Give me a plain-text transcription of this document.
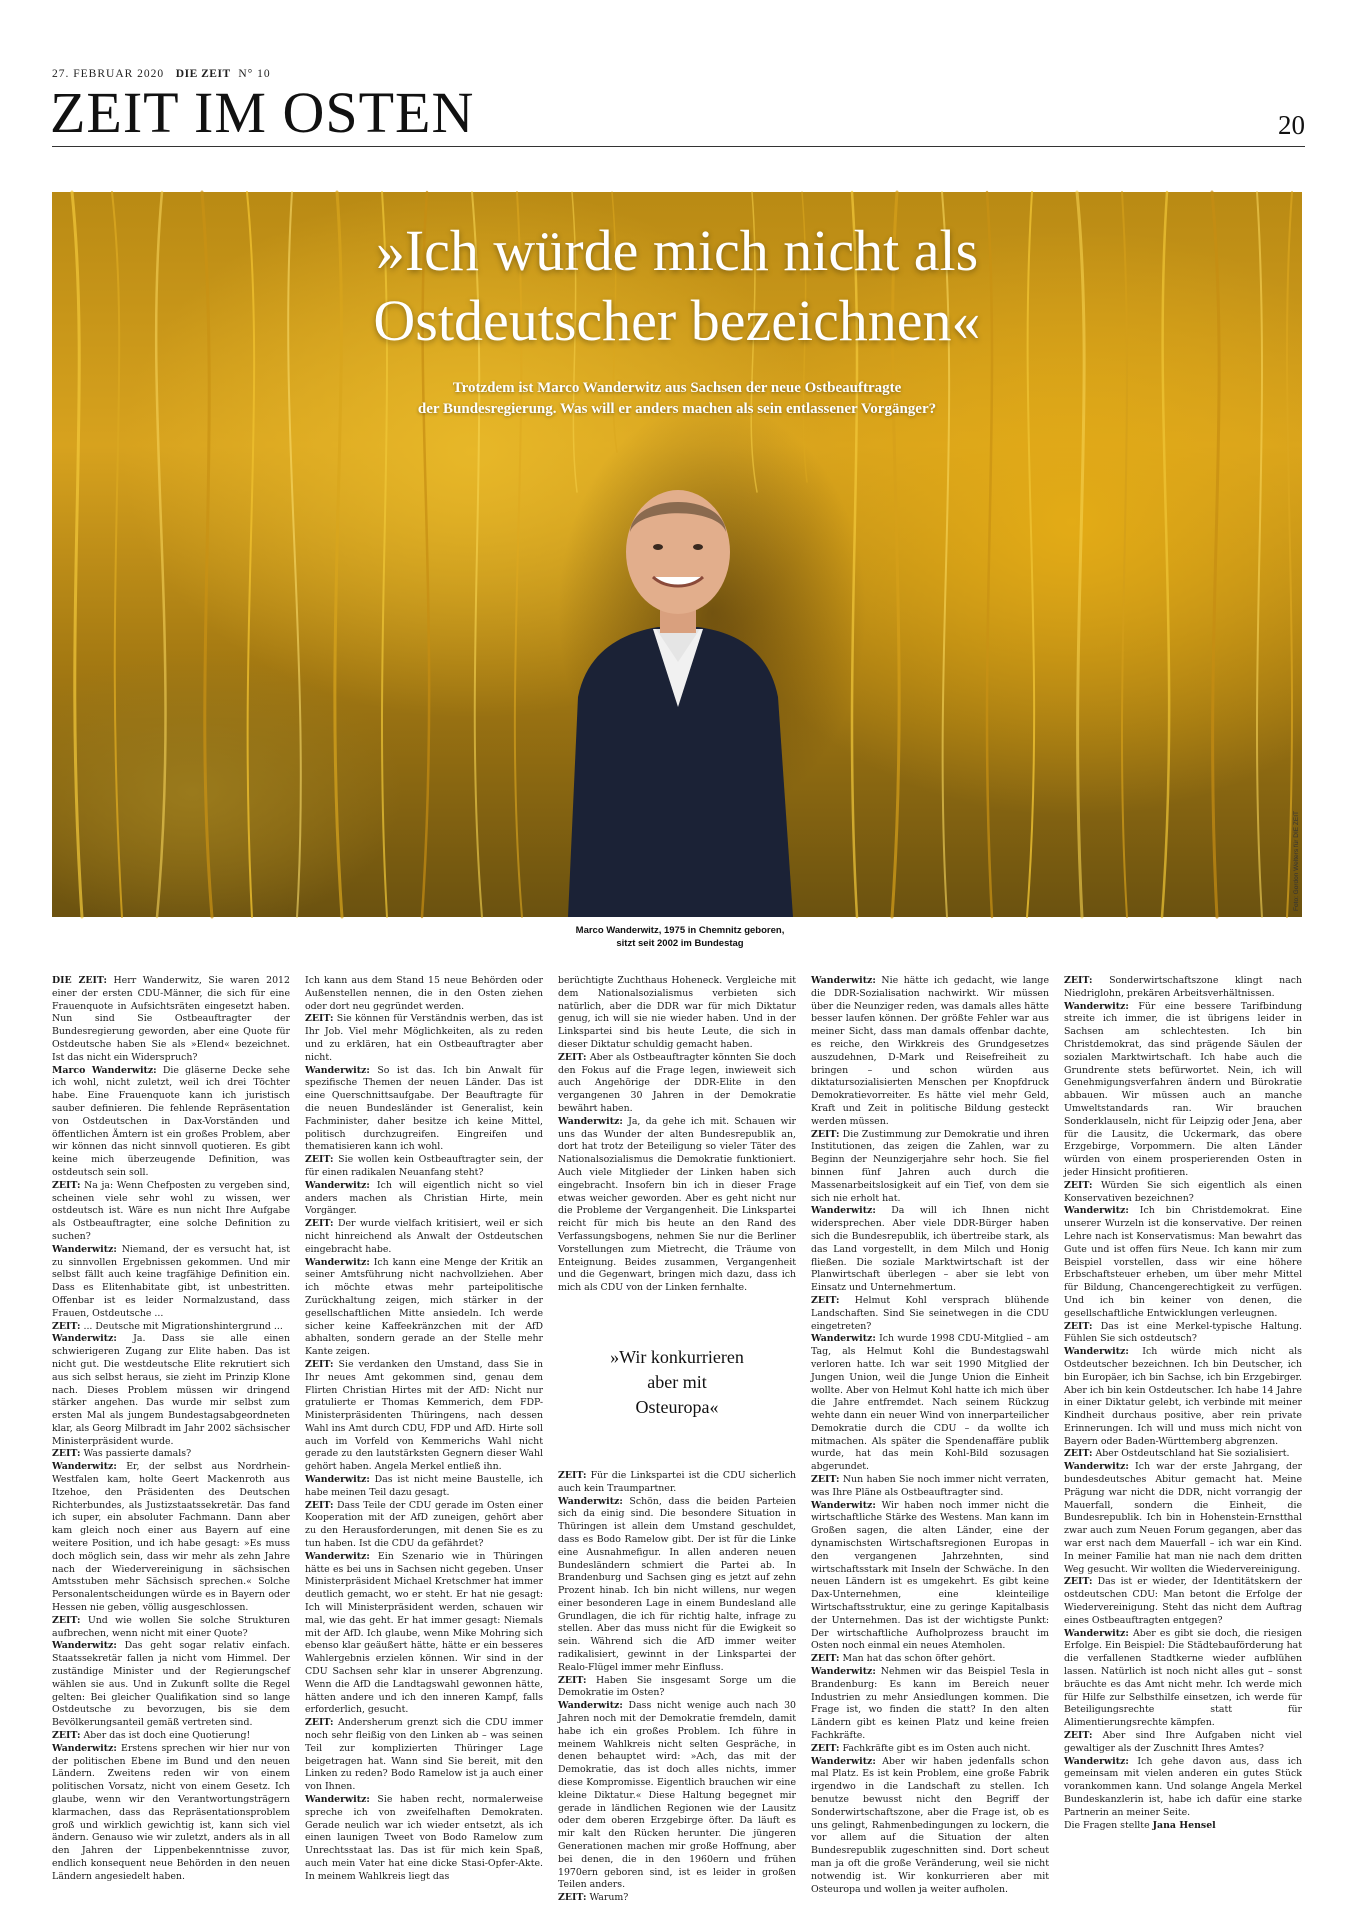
27. FEBRUAR 2020 DIE ZEIT N° 10
ZEIT IM OSTEN	20
»Ich würde mich nicht als
Ostdeutscher bezeichnen«
Trotzdem ist Marco Wanderwitz aus Sachsen der neue Ostbeauftragte
der Bundesregierung. Was will er anders machen als sein entlassener Vorgänger?
Foto: Gordon Welters für DIE ZEIT
Marco Wanderwitz, 1975 in Chemnitz geboren,
sitzt seit 2002 im Bundestag

DIE ZEIT: Herr Wanderwitz, Sie waren 2012 einer der ersten CDU-Männer, die sich für eine Frauenquote in Aufsichtsräten eingesetzt haben. Nun sind Sie Ostbeauftragter der Bundesregierung geworden, aber eine Quote für Ostdeutsche haben Sie als »Elend« bezeichnet. Ist das nicht ein Widerspruch?

Marco Wanderwitz: Die gläserne Decke sehe ich wohl, nicht zuletzt, weil ich drei Töchter habe. Eine Frauenquote kann ich juristisch sauber definieren. Die fehlende Repräsentation von Ostdeutschen in Dax-Vorständen und öffentlichen Ämtern ist ein großes Problem, aber wir können das nicht sinnvoll quotieren. Es gibt keine mich überzeugende Definition, was ostdeutsch sein soll.

ZEIT: Na ja: Wenn Chefposten zu vergeben sind, scheinen viele sehr wohl zu wissen, wer ostdeutsch ist. Wäre es nun nicht Ihre Aufgabe als Ostbeauftragter, eine solche Definition zu suchen?

Wanderwitz: Niemand, der es versucht hat, ist zu sinnvollen Ergebnissen gekommen. Und mir selbst fällt auch keine tragfähige Definition ein. Dass es Elitenhabitate gibt, ist unbestritten. Offenbar ist es leider Normalzustand, dass Frauen, Ostdeutsche ...

ZEIT: ... Deutsche mit Migrationshintergrund ...

Wanderwitz: Ja. Dass sie alle einen schwierigeren Zugang zur Elite haben. Das ist nicht gut. Die westdeutsche Elite rekrutiert sich aus sich selbst heraus, sie zieht im Prinzip Klone nach. Dieses Problem müssen wir dringend stärker angehen. Das wurde mir selbst zum ersten Mal als jungem Bundestagsabgeordneten klar, als Georg Milbradt im Jahr 2002 sächsischer Ministerpräsident wurde.

ZEIT: Was passierte damals?

Wanderwitz: Er, der selbst aus Nordrhein-Westfalen kam, holte Geert Mackenroth aus Itzehoe, den Präsidenten des Deutschen Richterbundes, als Justizstaatssekretär. Das fand ich super, ein absoluter Fachmann. Dann aber kam gleich noch einer aus Bayern auf eine weitere Position, und ich habe gesagt: »Es muss doch möglich sein, dass wir mehr als zehn Jahre nach der Wiedervereinigung in sächsischen Amtsstuben mehr Sächsisch sprechen.« Solche Personalentscheidungen würde es in Bayern oder Hessen nie geben, völlig ausgeschlossen.

ZEIT: Und wie wollen Sie solche Strukturen aufbrechen, wenn nicht mit einer Quote?

Wanderwitz: Das geht sogar relativ einfach. Staatssekretär fallen ja nicht vom Himmel. Der zuständige Minister und der Regierungschef wählen sie aus. Und in Zukunft sollte die Regel gelten: Bei gleicher Qualifikation sind so lange Ostdeutsche zu bevorzugen, bis sie dem Bevölkerungsanteil gemäß vertreten sind.

ZEIT: Aber das ist doch eine Quotierung!

Wanderwitz: Erstens sprechen wir hier nur von der politischen Ebene im Bund und den neuen Ländern. Zweitens reden wir von einem politischen Vorsatz, nicht von einem Gesetz. Ich glaube, wenn wir den Verantwortungsträgern klarmachen, dass das Repräsentationsproblem groß und wirklich gewichtig ist, kann sich viel ändern. Genauso wie wir zuletzt, anders als in all den Jahren der Lippenbekenntnisse zuvor, endlich konsequent neue Behörden in den neuen Ländern angesiedelt haben.

Ich kann aus dem Stand 15 neue Behörden oder Außenstellen nennen, die in den Osten ziehen oder dort neu gegründet werden.

ZEIT: Sie können für Verständnis werben, das ist Ihr Job. Viel mehr Möglichkeiten, als zu reden und zu erklären, hat ein Ostbeauftragter aber nicht.

Wanderwitz: So ist das. Ich bin Anwalt für spezifische Themen der neuen Länder. Das ist eine Querschnittsaufgabe. Der Beauftragte für die neuen Bundesländer ist Generalist, kein Fachminister, daher besitze ich keine Mittel, politisch durchzugreifen. Eingreifen und thematisieren kann ich wohl.

ZEIT: Sie wollen kein Ostbeauftragter sein, der für einen radikalen Neuanfang steht?

Wanderwitz: Ich will eigentlich nicht so viel anders machen als Christian Hirte, mein Vorgänger.

ZEIT: Der wurde vielfach kritisiert, weil er sich nicht hinreichend als Anwalt der Ostdeutschen eingebracht habe.

Wanderwitz: Ich kann eine Menge der Kritik an seiner Amtsführung nicht nachvollziehen. Aber ich möchte etwas mehr parteipolitische Zurückhaltung zeigen, mich stärker in der gesellschaftlichen Mitte ansiedeln. Ich werde sicher keine Kaffeekränzchen mit der AfD abhalten, sondern gerade an der Stelle mehr Kante zeigen.

ZEIT: Sie verdanken den Umstand, dass Sie in Ihr neues Amt gekommen sind, genau dem Flirten Christian Hirtes mit der AfD: Nicht nur gratulierte er Thomas Kemmerich, dem FDP-Ministerpräsidenten Thüringens, nach dessen Wahl ins Amt durch CDU, FDP und AfD. Hirte soll auch im Vorfeld von Kemmerichs Wahl nicht gerade zu den lautstärksten Gegnern dieser Wahl gehört haben. Angela Merkel entließ ihn.

Wanderwitz: Das ist nicht meine Baustelle, ich habe meinen Teil dazu gesagt.

ZEIT: Dass Teile der CDU gerade im Osten einer Kooperation mit der AfD zuneigen, gehört aber zu den Herausforderungen, mit denen Sie es zu tun haben. Ist die CDU da gefährdet?

Wanderwitz: Ein Szenario wie in Thüringen hätte es bei uns in Sachsen nicht gegeben. Unser Ministerpräsident Michael Kretschmer hat immer deutlich gemacht, wo er steht. Er hat nie gesagt: Ich will Ministerpräsident werden, schauen wir mal, wie das geht. Er hat immer gesagt: Niemals mit der AfD. Ich glaube, wenn Mike Mohring sich ebenso klar geäußert hätte, hätte er ein besseres Wahlergebnis erzielen können. Wir sind in der CDU Sachsen sehr klar in unserer Abgrenzung. Wenn die AfD die Landtagswahl gewonnen hätte, hätten andere und ich den inneren Kampf, falls erforderlich, gesucht.

ZEIT: Andersherum grenzt sich die CDU immer noch sehr fleißig von den Linken ab – was seinen Teil zur komplizierten Thüringer Lage beigetragen hat. Wann sind Sie bereit, mit den Linken zu reden? Bodo Ramelow ist ja auch einer von Ihnen.

Wanderwitz: Sie haben recht, normalerweise spreche ich von zweifelhaften Demokraten. Gerade neulich war ich wieder entsetzt, als ich einen launigen Tweet von Bodo Ramelow zum Unrechtsstaat las. Das ist für mich kein Spaß, auch mein Vater hat eine dicke Stasi-Opfer-Akte. In meinem Wahlkreis liegt das

berüchtigte Zuchthaus Hoheneck. Vergleiche mit dem Nationalsozialismus verbieten sich natürlich, aber die DDR war für mich Diktatur genug, ich will sie nie wieder haben. Und in der Linkspartei sind bis heute Leute, die sich in dieser Diktatur schuldig gemacht haben.

ZEIT: Aber als Ostbeauftragter könnten Sie doch den Fokus auf die Frage legen, inwieweit sich auch Angehörige der DDR-Elite in den vergangenen 30 Jahren in der Demokratie bewährt haben.

Wanderwitz: Ja, da gehe ich mit. Schauen wir uns das Wunder der alten Bundesrepublik an, dort hat trotz der Beteiligung so vieler Täter des Nationalsozialismus die Demokratie funktioniert. Auch viele Mitglieder der Linken haben sich eingebracht. Insofern bin ich in dieser Frage etwas weicher geworden. Aber es geht nicht nur die Probleme der Vergangenheit. Die Linkspartei reicht für mich bis heute an den Rand des Verfassungsbogens, nehmen Sie nur die Berliner Vorstellungen zum Mietrecht, die Träume von Enteignung. Beides zusammen, Vergangenheit und die Gegenwart, bringen mich dazu, dass ich mich als CDU von der Linken fernhalte.

»Wir konkurrieren
aber mit
Osteuropa«

ZEIT: Für die Linkspartei ist die CDU sicherlich auch kein Traumpartner.

Wanderwitz: Schön, dass die beiden Parteien sich da einig sind. Die besondere Situation in Thüringen ist allein dem Umstand geschuldet, dass es Bodo Ramelow gibt. Der ist für die Linke eine Ausnahmefigur. In allen anderen neuen Bundesländern schmiert die Partei ab. In Brandenburg und Sachsen ging es jetzt auf zehn Prozent hinab. Ich bin nicht willens, nur wegen einer besonderen Lage in einem Bundesland alle Grundlagen, die ich für richtig halte, infrage zu stellen. Aber das muss nicht für die Ewigkeit so sein. Während sich die AfD immer weiter radikalisiert, gewinnt in der Linkspartei der Realo-Flügel immer mehr Einfluss.

ZEIT: Haben Sie insgesamt Sorge um die Demokratie im Osten?

Wanderwitz: Dass nicht wenige auch nach 30 Jahren noch mit der Demokratie fremdeln, damit habe ich ein großes Problem. Ich führe in meinem Wahlkreis nicht selten Gespräche, in denen behauptet wird: »Ach, das mit der Demokratie, das ist doch alles nichts, immer diese Kompromisse. Eigentlich brauchen wir eine kleine Diktatur.« Diese Haltung begegnet mir gerade in ländlichen Regionen wie der Lausitz oder dem oberen Erzgebirge öfter. Da läuft es mir kalt den Rücken herunter. Die jüngeren Generationen machen mir große Hoffnung, aber bei denen, die in den 1960ern und frühen 1970ern geboren sind, ist es leider in großen Teilen anders.

ZEIT: Warum?

Wanderwitz: Nie hätte ich gedacht, wie lange die DDR-Sozialisation nachwirkt. Wir müssen über die Neunziger reden, was damals alles hätte besser laufen können. Der größte Fehler war aus meiner Sicht, dass man damals offenbar dachte, es reiche, den Wirkkreis des Grundgesetzes auszudehnen, D-Mark und Reisefreiheit zu bringen – und schon würden aus diktatursozialisierten Menschen per Knopfdruck Demokratievorreiter. Es hätte viel mehr Geld, Kraft und Zeit in politische Bildung gesteckt werden müssen.

ZEIT: Die Zustimmung zur Demokratie und ihren Institutionen, das zeigen die Zahlen, war zu Beginn der Neunzigerjahre sehr hoch. Sie fiel binnen fünf Jahren auch durch die Massenarbeitslosigkeit auf ein Tief, von dem sie sich nie erholt hat.

Wanderwitz: Da will ich Ihnen nicht widersprechen. Aber viele DDR-Bürger haben sich die Bundesrepublik, ich übertreibe stark, als das Land vorgestellt, in dem Milch und Honig fließen. Die soziale Marktwirtschaft ist der Planwirtschaft überlegen – aber sie lebt von Einsatz und Unternehmertum.

ZEIT: Helmut Kohl versprach blühende Landschaften. Sind Sie seinetwegen in die CDU eingetreten?

Wanderwitz: Ich wurde 1998 CDU-Mitglied – am Tag, als Helmut Kohl die Bundestagswahl verloren hatte. Ich war seit 1990 Mitglied der Jungen Union, weil die Junge Union die Einheit wollte. Aber von Helmut Kohl hatte ich mich über die Jahre entfremdet. Nach seinem Rückzug wehte dann ein neuer Wind von innerparteilicher Demokratie durch die CDU – da wollte ich mitmachen. Als später die Spendenaffäre publik wurde, hat das mein Kohl-Bild sozusagen abgerundet.

ZEIT: Nun haben Sie noch immer nicht verraten, was Ihre Pläne als Ostbeauftragter sind.

Wanderwitz: Wir haben noch immer nicht die wirtschaftliche Stärke des Westens. Man kann im Großen sagen, die alten Länder, eine der dynamischsten Wirtschaftsregionen Europas in den vergangenen Jahrzehnten, sind wirtschaftsstark mit Inseln der Schwäche. In den neuen Ländern ist es umgekehrt. Es gibt keine Dax-Unternehmen, eine kleinteilige Wirtschaftsstruktur, eine zu geringe Kapitalbasis der Unternehmen. Das ist der wichtigste Punkt: Der wirtschaftliche Aufholprozess braucht im Osten noch einmal ein neues Atemholen.

ZEIT: Man hat das schon öfter gehört.

Wanderwitz: Nehmen wir das Beispiel Tesla in Brandenburg: Es kann im Bereich neuer Industrien zu mehr Ansiedlungen kommen. Die Frage ist, wo finden die statt? In den alten Ländern gibt es keinen Platz und keine freien Fachkräfte.

ZEIT: Fachkräfte gibt es im Osten auch nicht.

Wanderwitz: Aber wir haben jedenfalls schon mal Platz. Es ist kein Problem, eine große Fabrik irgendwo in die Landschaft zu stellen. Ich benutze bewusst nicht den Begriff der Sonderwirtschaftszone, aber die Frage ist, ob es uns gelingt, Rahmenbedingungen zu lockern, die vor allem auf die Situation der alten Bundesrepublik zugeschnitten sind. Dort scheut man ja oft die große Veränderung, weil sie nicht notwendig ist. Wir konkurrieren aber mit Osteuropa und wollen ja weiter aufholen.

ZEIT: Sonderwirtschaftszone klingt nach Niedriglohn, prekären Arbeitsverhältnissen.

Wanderwitz: Für eine bessere Tarifbindung streite ich immer, die ist übrigens leider in Sachsen am schlechtesten. Ich bin Christdemokrat, das sind prägende Säulen der sozialen Marktwirtschaft. Ich habe auch die Grundrente stets befürwortet. Nein, ich will Genehmigungsverfahren ändern und Bürokratie abbauen. Wir müssen auch an manche Umweltstandards ran. Wir brauchen Sonderklauseln, nicht für Leipzig oder Jena, aber für die Lausitz, die Uckermark, das obere Erzgebirge, Vorpommern. Die alten Länder würden von einem prosperierenden Osten in jeder Hinsicht profitieren.

ZEIT: Würden Sie sich eigentlich als einen Konservativen bezeichnen?

Wanderwitz: Ich bin Christdemokrat. Eine unserer Wurzeln ist die konservative. Der reinen Lehre nach ist Konservatismus: Man bewahrt das Gute und ist offen fürs Neue. Ich kann mir zum Beispiel vorstellen, dass wir eine höhere Erbschaftsteuer erheben, um über mehr Mittel für Bildung, Chancengerechtigkeit zu verfügen. Und ich bin keiner von denen, die gesellschaftliche Entwicklungen verleugnen.

ZEIT: Das ist eine Merkel-typische Haltung. Fühlen Sie sich ostdeutsch?

Wanderwitz: Ich würde mich nicht als Ostdeutscher bezeichnen. Ich bin Deutscher, ich bin Europäer, ich bin Sachse, ich bin Erzgebirger. Aber ich bin kein Ostdeutscher. Ich habe 14 Jahre in einer Diktatur gelebt, ich verbinde mit meiner Kindheit durchaus positive, aber rein private Erinnerungen. Ich will und muss mich nicht von Bayern oder Baden-Württemberg abgrenzen.

ZEIT: Aber Ostdeutschland hat Sie sozialisiert.

Wanderwitz: Ich war der erste Jahrgang, der bundesdeutsches Abitur gemacht hat. Meine Prägung war nicht die DDR, nicht vorrangig der Mauerfall, sondern die Einheit, die Bundesrepublik. Ich bin in Hohenstein-Ernstthal zwar auch zum Neuen Forum gegangen, aber das war erst nach dem Mauerfall – ich war ein Kind. In meiner Familie hat man nie nach dem dritten Weg gesucht. Wir wollten die Wiedervereinigung.

ZEIT: Das ist er wieder, der Identitätskern der ostdeutschen CDU: Man betont die Erfolge der Wiedervereinigung. Steht das nicht dem Auftrag eines Ostbeauftragten entgegen?

Wanderwitz: Aber es gibt sie doch, die riesigen Erfolge. Ein Beispiel: Die Städtebauförderung hat die verfallenen Stadtkerne wieder aufblühen lassen. Natürlich ist noch nicht alles gut – sonst bräuchte es das Amt nicht mehr. Ich werde mich für Hilfe zur Selbsthilfe einsetzen, ich werde für Beteiligungsrechte statt für Alimentierungsrechte kämpfen.

ZEIT: Aber sind Ihre Aufgaben nicht viel gewaltiger als der Zuschnitt Ihres Amtes?

Wanderwitz: Ich gehe davon aus, dass ich gemeinsam mit vielen anderen ein gutes Stück vorankommen kann. Und solange Angela Merkel Bundeskanzlerin ist, habe ich dafür eine starke Partnerin an meiner Seite.

Die Fragen stellte Jana Hensel
